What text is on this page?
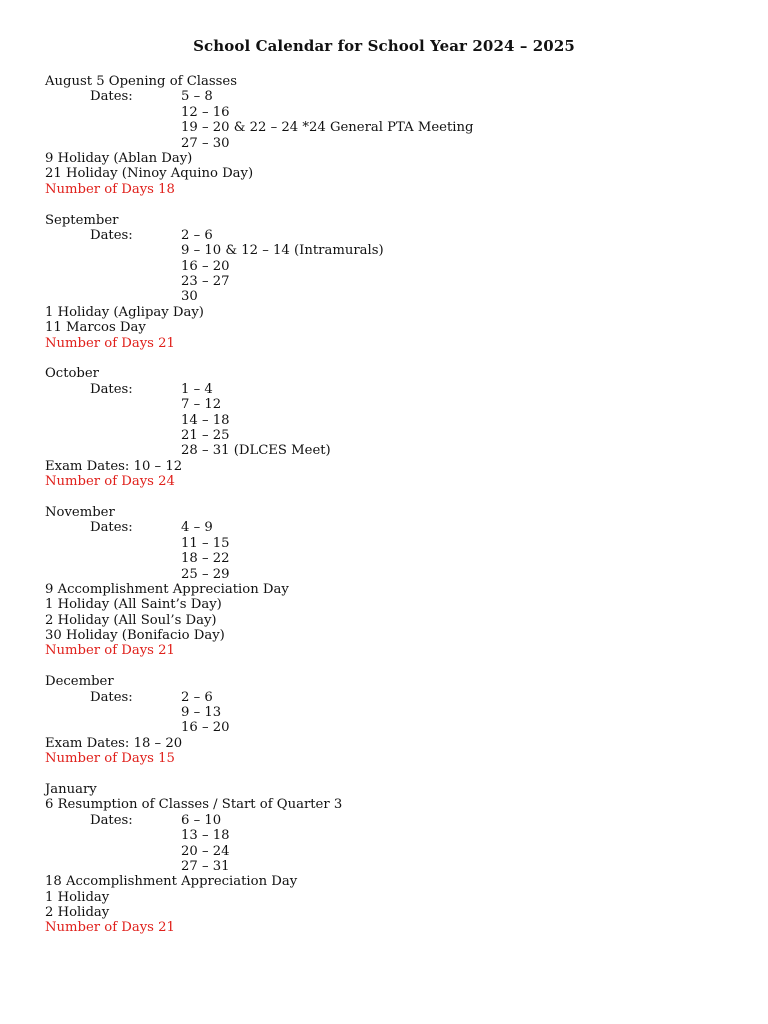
School Calendar for School Year 2024 – 2025
August 5 Opening of Classes
Dates:	5 – 8
12 – 16
19 – 20 & 22 – 24 *24 General PTA Meeting
27 – 30
9 Holiday (Ablan Day)
21 Holiday (Ninoy Aquino Day)
Number of Days 18
September
Dates:	2 – 6
9 – 10 & 12 – 14 (Intramurals)
16 – 20
23 – 27
30
1 Holiday (Aglipay Day)
11 Marcos Day
Number of Days 21
October
Dates:	1 – 4
7 – 12
14 – 18
21 – 25
28 – 31 (DLCES Meet)
Exam Dates: 10 – 12
Number of Days 24
November
Dates:	4 – 9
11 – 15
18 – 22
25 – 29
9 Accomplishment Appreciation Day
1 Holiday (All Saint’s Day)
2 Holiday (All Soul’s Day)
30 Holiday (Bonifacio Day)
Number of Days 21
December
Dates:	2 – 6
9 – 13
16 – 20
Exam Dates: 18 – 20
Number of Days 15
January
6 Resumption of Classes / Start of Quarter 3
Dates:	6 – 10
13 – 18
20 – 24
27 – 31
18 Accomplishment Appreciation Day
1 Holiday
2 Holiday
Number of Days 21
